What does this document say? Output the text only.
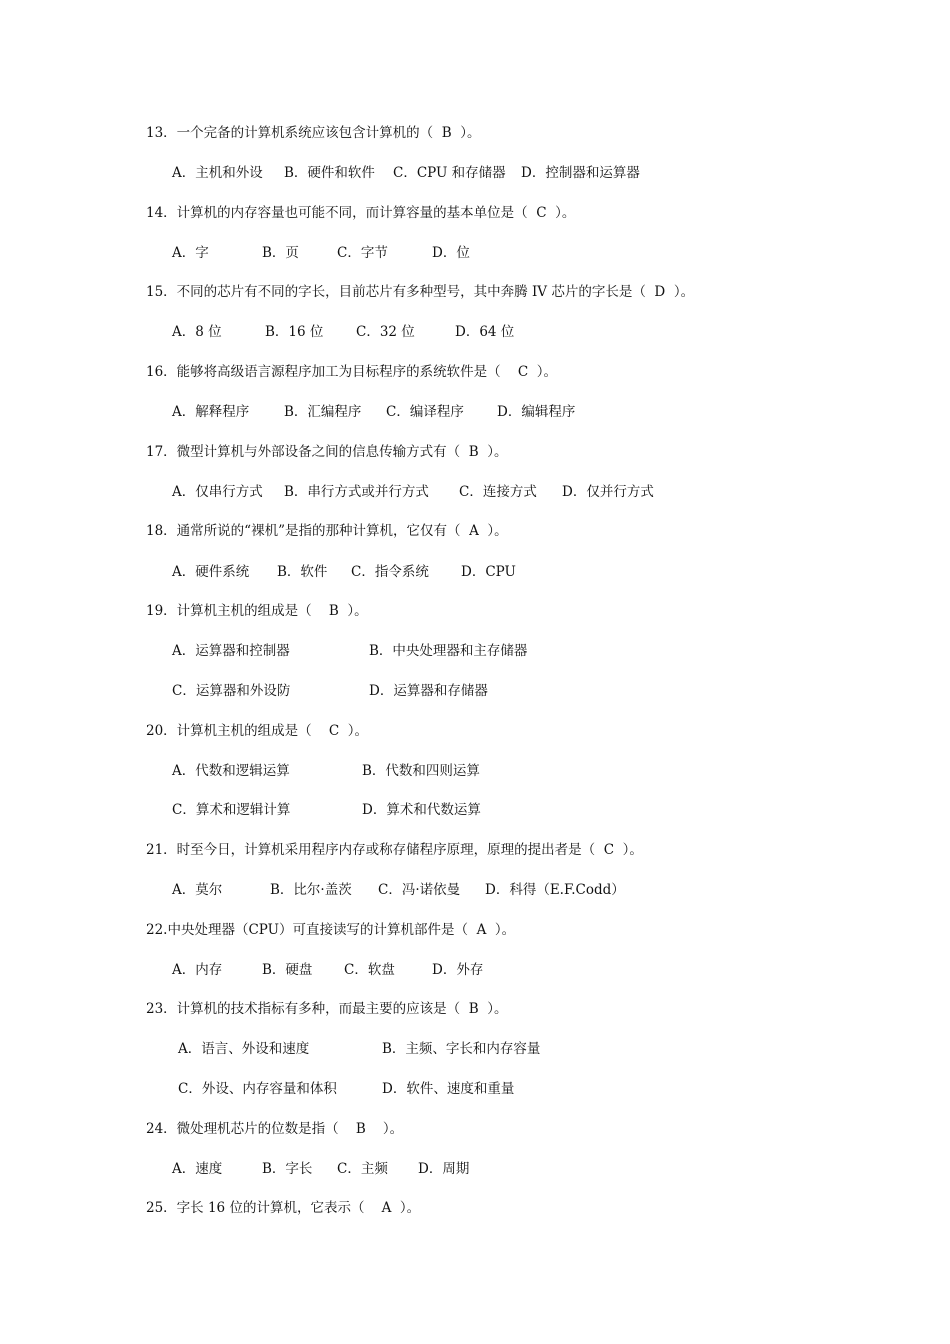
13．一个完备的计算机系统应该包含计算机的（  B  ）。
A．主机和外设 B．硬件和软件 C．CPU 和存储器 D．控制器和运算器
14．计算机的内存容量也可能不同，而计算容量的基本单位是（  C  ）。
A．字	B．页	C．字节	D．位
15．不同的芯片有不同的字长，目前芯片有多种型号，其中奔腾 IV 芯片的字长是（  D  ）。
A．8 位	B．16 位 C．32 位	D．64 位
16．能够将高级语言源程序加工为目标程序的系统软件是（    C  ）。
A．解释程序	B．汇编程序 C．编译程序 D．编辑程序
17．微型计算机与外部设备之间的信息传输方式有（  B  ）。
A．仅串行方式 B．串行方式或并行方式 C．连接方式 D．仅并行方式
18．通常所说的“裸机”是指的那种计算机，它仅有（  A  ）。
A．硬件系统 B．软件 C．指令系统 D．CPU
19．计算机主机的组成是（    B  ）。
A．运算器和控制器	B．中央处理器和主存储器
C．运算器和外设防	D．运算器和存储器
20．计算机主机的组成是（    C  ）。
A．代数和逻辑运算	B．代数和四则运算
C．算术和逻辑计算	D．算术和代数运算
21．时至今日，计算机采用程序内存或称存储程序原理，原理的提出者是（  C  ）。
A．莫尔	B．比尔·盖茨 C．冯·诺依曼 D．科得（E.F.Codd）
22.中央处理器（CPU）可直接读写的计算机部件是（  A  ）。
A．内存	B．硬盘 C．软盘	D．外存
23．计算机的技术指标有多种，而最主要的应该是（  B  ）。
A．语言、外设和速度	B．主频、字长和内存容量
C．外设、内存容量和体积	D．软件、速度和重量
24．微处理机芯片的位数是指（    B    ）。
A．速度	B．字长 C．主频 D．周期
25．字长 16 位的计算机，它表示（    A  ）。
